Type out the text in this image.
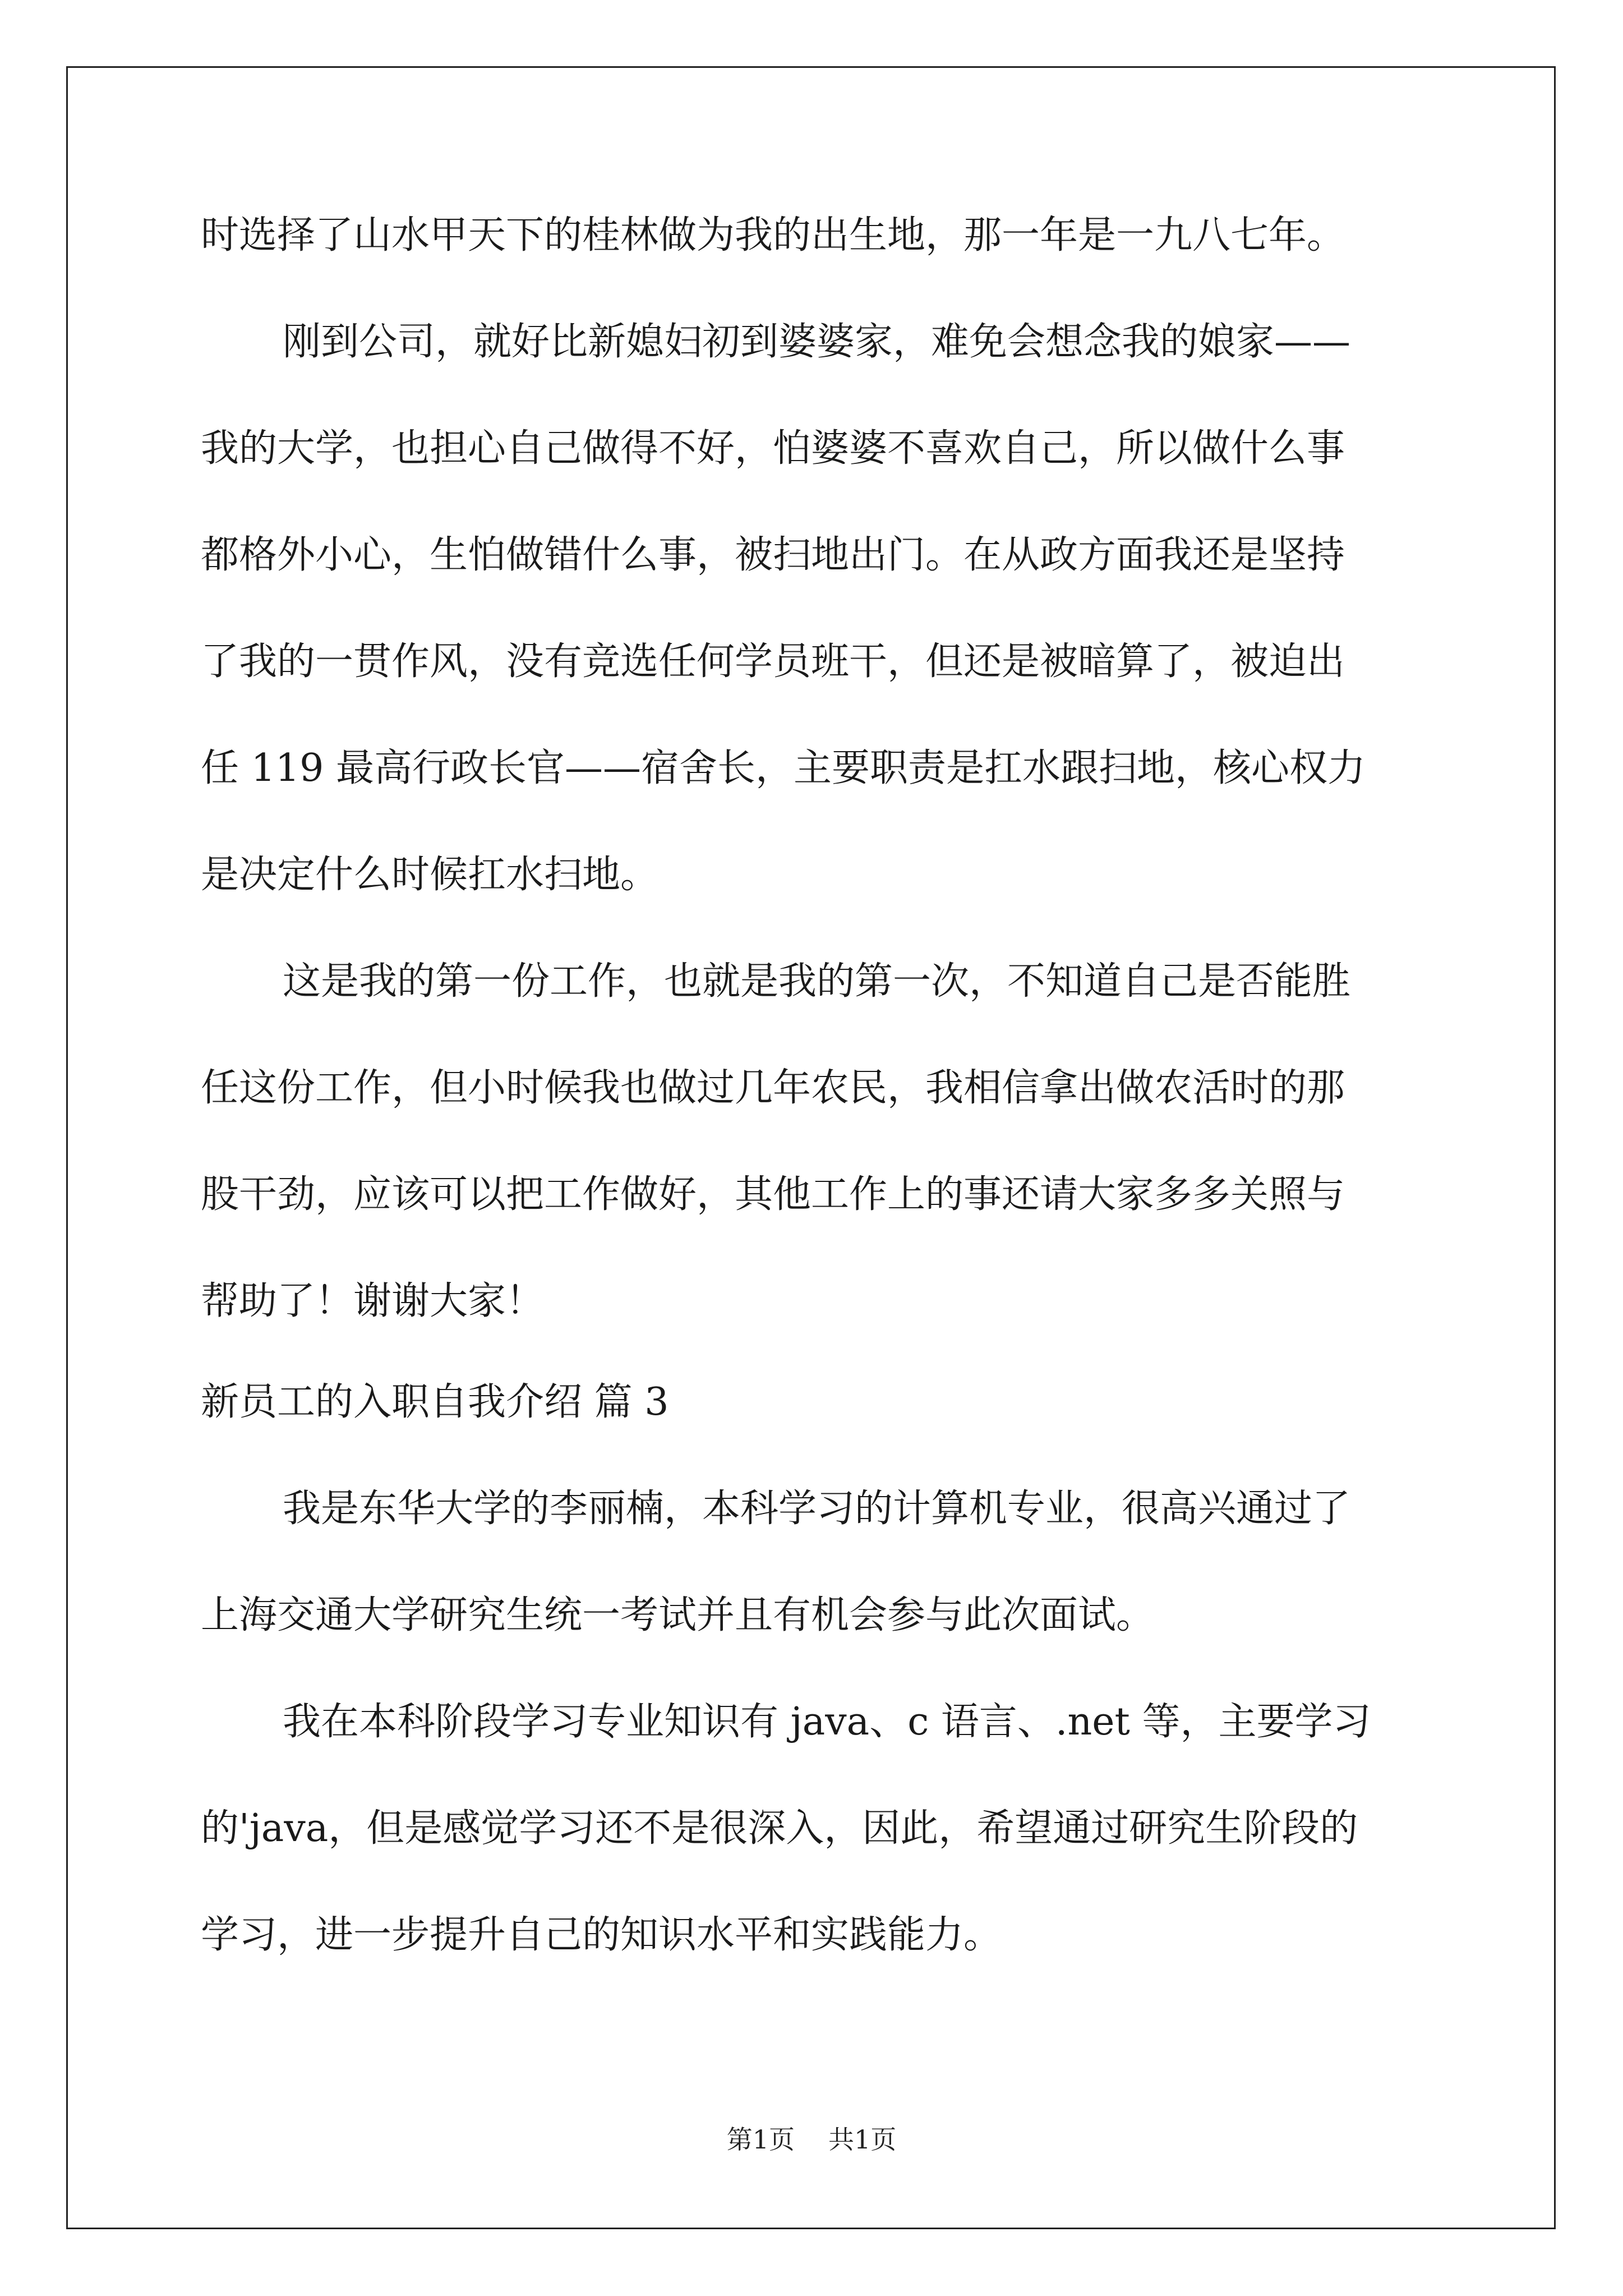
时选择了山水甲天下的桂林做为我的出生地，那一年是一九八七年。
刚到公司，就好比新媳妇初到婆婆家，难免会想念我的娘家——
我的大学，也担心自己做得不好，怕婆婆不喜欢自己，所以做什么事
都格外小心，生怕做错什么事，被扫地出门。在从政方面我还是坚持
了我的一贯作风，没有竞选任何学员班干，但还是被暗算了，被迫出
任 119 最高行政长官——宿舍长，主要职责是扛水跟扫地，核心权力
是决定什么时候扛水扫地。
这是我的第一份工作，也就是我的第一次，不知道自己是否能胜
任这份工作，但小时候我也做过几年农民，我相信拿出做农活时的那
股干劲，应该可以把工作做好，其他工作上的事还请大家多多关照与
帮助了！谢谢大家！
新员工的入职自我介绍 篇 3
我是东华大学的李丽楠，本科学习的计算机专业，很高兴通过了
上海交通大学研究生统一考试并且有机会参与此次面试。
我在本科阶段学习专业知识有 java、c 语言、.net 等，主要学习
的'java，但是感觉学习还不是很深入，因此，希望通过研究生阶段的
学习，进一步提升自己的知识水平和实践能力。
第1页 共1页
